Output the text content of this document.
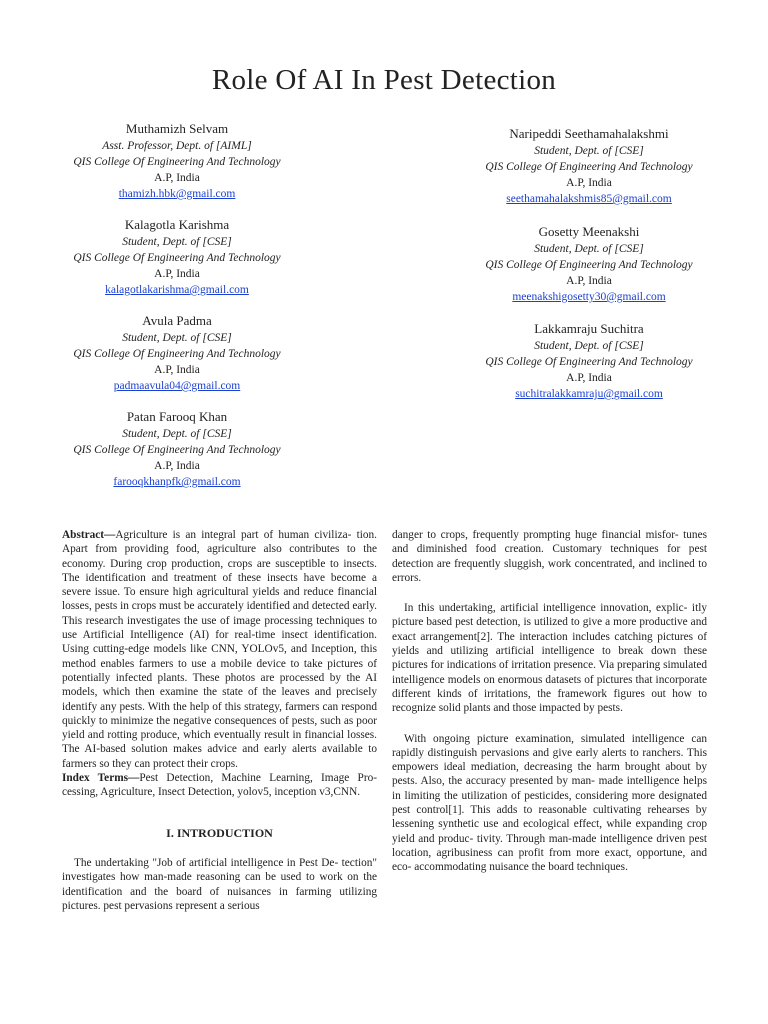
Role Of AI In Pest Detection
Muthamizh Selvam
Asst. Professor, Dept. of [AIML]
QIS College Of Engineering And Technology
A.P, India
thamizh.hbk@gmail.com
Kalagotla Karishma
Student, Dept. of [CSE]
QIS College Of Engineering And Technology
A.P, India
kalagotlakarishma@gmail.com
Avula Padma
Student, Dept. of [CSE]
QIS College Of Engineering And Technology
A.P, India
padmaavula04@gmail.com
Patan Farooq Khan
Student, Dept. of [CSE]
QIS College Of Engineering And Technology
A.P, India
farooqkhanpfk@gmail.com
Naripeddi Seethamahalakshmi
Student, Dept. of [CSE]
QIS College Of Engineering And Technology
A.P, India
seethamahalakshmis85@gmail.com
Gosetty Meenakshi
Student, Dept. of [CSE]
QIS College Of Engineering And Technology
A.P, India
meenakshigosetty30@gmail.com
Lakkamraju Suchitra
Student, Dept. of [CSE]
QIS College Of Engineering And Technology
A.P, India
suchitralakkamraju@gmail.com

Abstract—Agriculture is an integral part of human civiliza- tion. Apart from providing food, agriculture also contributes to the economy. During crop production, crops are susceptible to insects. The identification and treatment of these insects have become a severe issue. To ensure high agricultural yields and reduce financial losses, pests in crops must be accurately identified and detected early. This research investigates the use of image processing techniques to use Artificial Intelligence (AI) for real-time insect identification. Using cutting-edge models like CNN, YOLOv5, and Inception, this method enables farmers to use a mobile device to take pictures of potentially infected plants. These photos are processed by the AI models, which then examine the state of the leaves and precisely identify any pests. With the help of this strategy, farmers can respond quickly to minimize the negative consequences of pests, such as poor yield and rotting produce, which eventually result in financial losses. The AI-based solution makes advice and early alerts available to farmers so they can protect their crops.

Index Terms—Pest Detection, Machine Learning, Image Pro- cessing, Agriculture, Insect Detection, yolov5, inception v3,CNN.

I. INTRODUCTION

The undertaking "Job of artificial intelligence in Pest De- tection" investigates how man-made reasoning can be used to work on the identification and the board of nuisances in farming utilizing pictures. pest pervasions represent a serious

danger to crops, frequently prompting huge financial misfor- tunes and diminished food creation. Customary techniques for pest detection are frequently sluggish, work concentrated, and inclined to errors.

In this undertaking, artificial intelligence innovation, explic- itly picture based pest detection, is utilized to give a more productive and exact arrangement[2]. The interaction includes catching pictures of yields and utilizing artificial intelligence to break down these pictures for indications of irritation presence. Via preparing simulated intelligence models on enormous datasets of pictures that incorporate different kinds of irritations, the framework figures out how to recognize solid plants and those impacted by pests.

With ongoing picture examination, simulated intelligence can rapidly distinguish pervasions and give early alerts to ranchers. This empowers ideal mediation, decreasing the harm brought about by pests. Also, the accuracy presented by man- made intelligence helps in limiting the utilization of pesticides, considering more designated pest control[1]. This adds to reasonable cultivating rehearses by lessening synthetic use and ecological effect, while expanding crop yield and produc- tivity. Through man-made intelligence driven pest location, agribusiness can profit from more exact, opportune, and eco- accommodating nuisance the board techniques.
